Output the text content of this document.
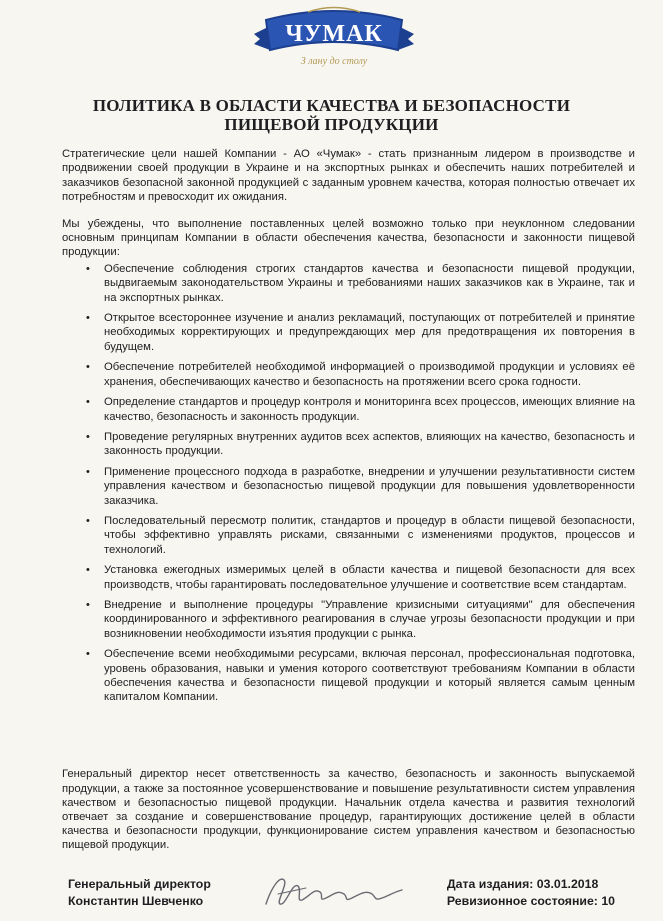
ЧУМАК
З лану до столу
ПОЛИТИКА В ОБЛАСТИ КАЧЕСТВА И БЕЗОПАСНОСТИ
ПИЩЕВОЙ ПРОДУКЦИИ

Стратегические цели нашей Компании - АО «Чумак» - стать признанным лидером в производстве и продвижении своей продукции в Украине и на экспортных рынках и обеспечить наших потребителей и заказчиков безопасной законной продукцией с заданным уровнем качества, которая полностью отвечает их потребностям и превосходит их ожидания.

Мы убеждены, что выполнение поставленных целей возможно только при неуклонном следовании основным принципам Компании в области обеспечения качества, безопасности и законности пищевой продукции:

• Обеспечение соблюдения строгих стандартов качества и безопасности пищевой продукции, выдвигаемым законодательством Украины и требованиями наших заказчиков как в Украине, так и на экспортных рынках.
• Открытое всестороннее изучение и анализ рекламаций, поступающих от потребителей и принятие необходимых корректирующих и предупреждающих мер для предотвращения их повторения в будущем.
• Обеспечение потребителей необходимой информацией о производимой продукции и условиях её хранения, обеспечивающих качество и безопасность на протяжении всего срока годности.
• Определение стандартов и процедур контроля и мониторинга всех процессов, имеющих влияние на качество, безопасность и законность продукции.
• Проведение регулярных внутренних аудитов всех аспектов, влияющих на качество, безопасность и законность продукции.
• Применение процессного подхода в разработке, внедрении и улучшении результативности систем управления качеством и безопасностью пищевой продукции для повышения удовлетворенности заказчика.
• Последовательный пересмотр политик, стандартов и процедур в области пищевой безопасности, чтобы эффективно управлять рисками, связанными с изменениями продуктов, процессов и технологий.
• Установка ежегодных измеримых целей в области качества и пищевой безопасности для всех производств, чтобы гарантировать последовательное улучшение и соответствие всем стандартам.
• Внедрение и выполнение процедуры "Управление кризисными ситуациями" для обеспечения координированного и эффективного реагирования в случае угрозы безопасности продукции и при возникновении необходимости изъятия продукции с рынка.
• Обеспечение всеми необходимыми ресурсами, включая персонал, профессиональная подготовка, уровень образования, навыки и умения которого соответствуют требованиям Компании в области обеспечения качества и безопасности пищевой продукции и который является самым ценным капиталом Компании.

Генеральный директор несет ответственность за качество, безопасность и законность выпускаемой продукции, а также за постоянное усовершенствование и повышение результативности систем управления качеством и безопасностью пищевой продукции. Начальник отдела качества и развития технологий отвечает за создание и совершенствование процедур, гарантирующих достижение целей в области качества и безопасности продукции, функционирование систем управления качеством и безопасностью пищевой продукции.

Генеральный директор
Константин Шевченко
Дата издания: 03.01.2018
Ревизионное состояние: 10
